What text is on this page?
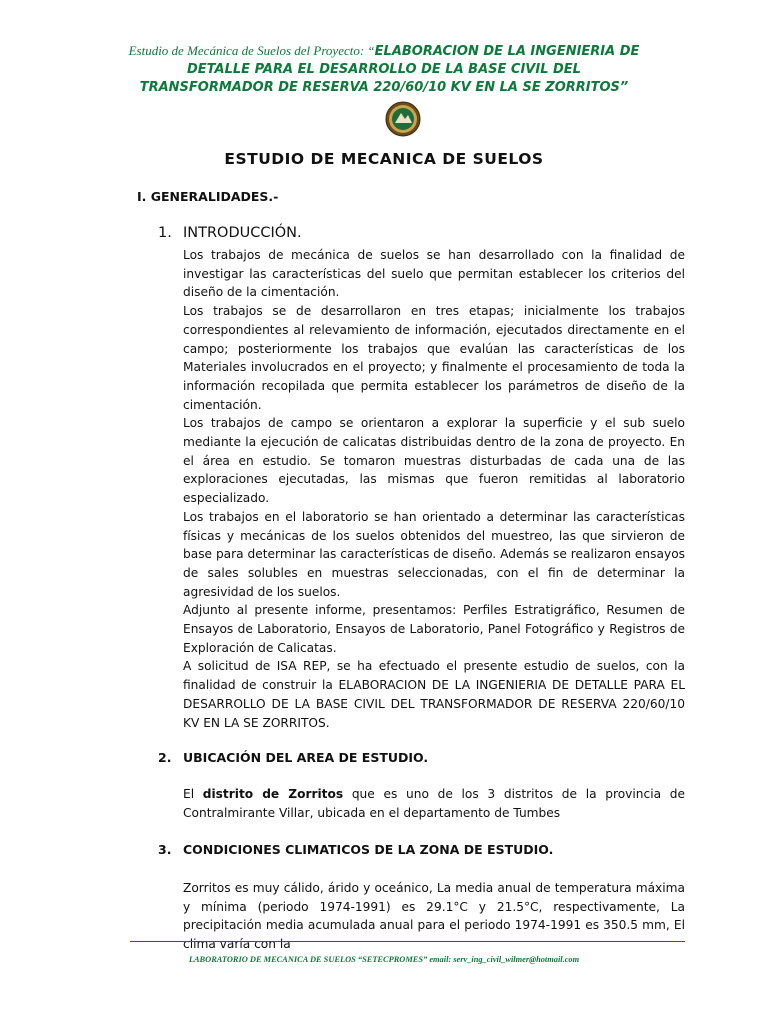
Estudio de Mecánica de Suelos del Proyecto: “ELABORACION DE LA INGENIERIA DE DETALLE PARA EL DESARROLLO DE LA BASE CIVIL DEL TRANSFORMADOR DE RESERVA 220/60/10 KV EN LA SE ZORRITOS”
ESTUDIO DE MECANICA DE SUELOS
I. GENERALIDADES.-
1. INTRODUCCIÓN.

Los trabajos de mecánica de suelos se han desarrollado con la finalidad de investigar las características del suelo que permitan establecer los criterios del diseño de la cimentación.

Los trabajos se de desarrollaron en tres etapas; inicialmente los trabajos correspondientes al relevamiento de información, ejecutados directamente en el campo; posteriormente los trabajos que evalúan las características de los Materiales involucrados en el proyecto; y finalmente el procesamiento de toda la información recopilada que permita establecer los parámetros de diseño de la cimentación.

Los trabajos de campo se orientaron a explorar la superficie y el sub suelo mediante la ejecución de calicatas distribuidas dentro de la zona de proyecto. En el área en estudio. Se tomaron muestras disturbadas de cada una de las exploraciones ejecutadas, las mismas que fueron remitidas al laboratorio especializado.

Los trabajos en el laboratorio se han orientado a determinar las características físicas y mecánicas de los suelos obtenidos del muestreo, las que sirvieron de base para determinar las características de diseño. Además se realizaron ensayos de sales solubles en muestras seleccionadas, con el fin de determinar la agresividad de los suelos.

Adjunto al presente informe, presentamos: Perfiles Estratigráfico, Resumen de Ensayos de Laboratorio, Ensayos de Laboratorio, Panel Fotográfico y Registros de Exploración de Calicatas.

A solicitud de ISA REP, se ha efectuado el presente estudio de suelos, con la finalidad de construir la ELABORACION DE LA INGENIERIA DE DETALLE PARA EL DESARROLLO DE LA BASE CIVIL DEL TRANSFORMADOR DE RESERVA 220/60/10 KV EN LA SE ZORRITOS.

2. UBICACIÓN DEL AREA DE ESTUDIO.

El distrito de Zorritos que es uno de los 3 distritos de la provincia de Contralmirante Villar, ubicada en el departamento de Tumbes

3. CONDICIONES CLIMATICOS DE LA ZONA DE ESTUDIO.

Zorritos es muy cálido, árido y oceánico, La media anual de temperatura máxima y mínima (periodo 1974-1991) es 29.1°C y 21.5°C, respectivamente, La precipitación media acumulada anual para el periodo 1974-1991 es 350.5 mm, El clima varía con la

LABORATORIO DE MECANICA DE SUELOS “SETECPROMES” email: serv_ing_civil_wilmer@hotmail.com
